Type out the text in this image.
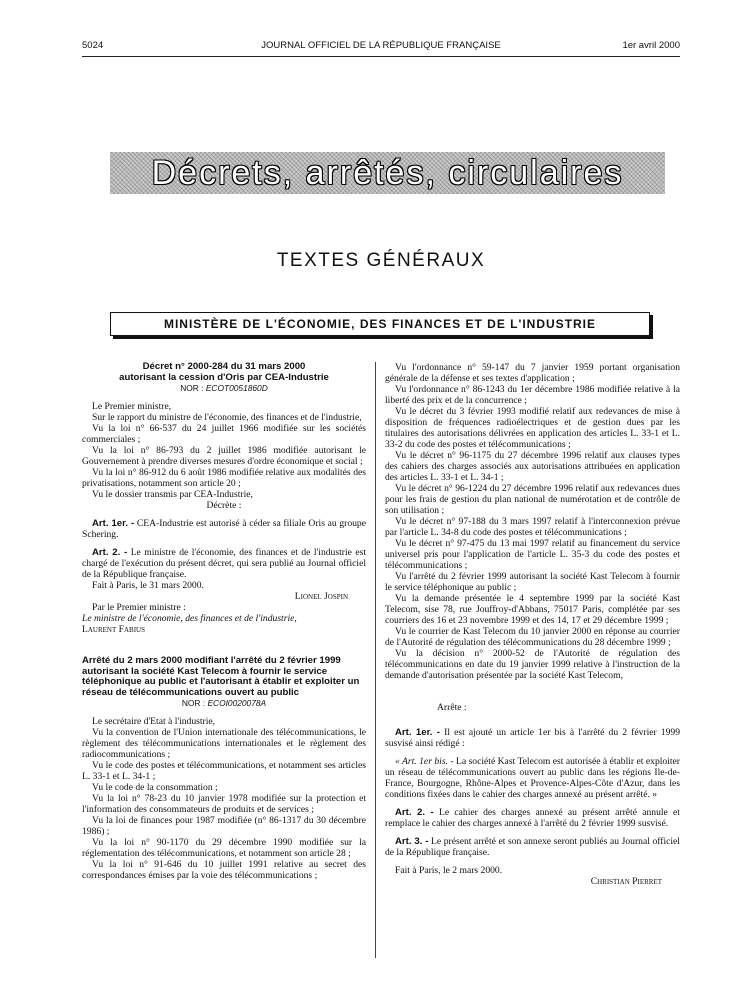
5024	JOURNAL OFFICIEL DE LA RÉPUBLIQUE FRANÇAISE	1er avril 2000
Décrets, arrêtés, circulaires
TEXTES GÉNÉRAUX
MINISTÈRE DE L'ÉCONOMIE, DES FINANCES ET DE L'INDUSTRIE

Décret n° 2000-284 du 31 mars 2000
autorisant la cession d'Oris par CEA-Industrie

NOR : ECOT0051860D

Le Premier ministre,

Sur le rapport du ministre de l'économie, des finances et de l'industrie,

Vu la loi n° 66-537 du 24 juillet 1966 modifiée sur les sociétés commerciales ;

Vu la loi n° 86-793 du 2 juillet 1986 modifiée autorisant le Gouvernement à prendre diverses mesures d'ordre économique et social ;

Vu la loi n° 86-912 du 6 août 1986 modifiée relative aux modalités des privatisations, notamment son article 20 ;

Vu le dossier transmis par CEA-Industrie,

Décrète :

Art. 1er. - CEA-Industrie est autorisé à céder sa filiale Oris au groupe Schering.

Art. 2. - Le ministre de l'économie, des finances et de l'industrie est chargé de l'exécution du présent décret, qui sera publié au Journal officiel de la République française.

Fait à Paris, le 31 mars 2000.

Lionel Jospin

Par le Premier ministre :

Le ministre de l'économie, des finances et de l'industrie,

Laurent Fabius

Arrêté du 2 mars 2000 modifiant l'arrêté du 2 février 1999 autorisant la société Kast Telecom à fournir le service téléphonique au public et l'autorisant à établir et exploiter un réseau de télécommunications ouvert au public

NOR : ECOI0020078A

Le secrétaire d'Etat à l'industrie,

Vu la convention de l'Union internationale des télécommunications, le règlement des télécommunications internationales et le règlement des radiocommunications ;

Vu le code des postes et télécommunications, et notamment ses articles L. 33-1 et L. 34-1 ;

Vu le code de la consommation ;

Vu la loi n° 78-23 du 10 janvier 1978 modifiée sur la protection et l'information des consommateurs de produits et de services ;

Vu la loi de finances pour 1987 modifiée (n° 86-1317 du 30 décembre 1986) ;

Vu la loi n° 90-1170 du 29 décembre 1990 modifiée sur la réglementation des télécommunications, et notamment son article 28 ;

Vu la loi n° 91-646 du 10 juillet 1991 relative au secret des correspondances émises par la voie des télécommunications ;

Vu l'ordonnance n° 59-147 du 7 janvier 1959 portant organisation générale de la défense et ses textes d'application ;

Vu l'ordonnance n° 86-1243 du 1er décembre 1986 modifiée relative à la liberté des prix et de la concurrence ;

Vu le décret du 3 février 1993 modifié relatif aux redevances de mise à disposition de fréquences radioélectriques et de gestion dues par les titulaires des autorisations délivrées en application des articles L. 33-1 et L. 33-2 du code des postes et télécommunications ;

Vu le décret n° 96-1175 du 27 décembre 1996 relatif aux clauses types des cahiers des charges associés aux autorisations attribuées en application des articles L. 33-1 et L. 34-1 ;

Vu le décret n° 96-1224 du 27 décembre 1996 relatif aux redevances dues pour les frais de gestion du plan national de numérotation et de contrôle de son utilisation ;

Vu le décret n° 97-188 du 3 mars 1997 relatif à l'interconnexion prévue par l'article L. 34-8 du code des postes et télécommunications ;

Vu le décret n° 97-475 du 13 mai 1997 relatif au financement du service universel pris pour l'application de l'article L. 35-3 du code des postes et télécommunications ;

Vu l'arrêté du 2 février 1999 autorisant la société Kast Telecom à fournir le service téléphonique au public ;

Vu la demande présentée le 4 septembre 1999 par la société Kast Telecom, sise 78, rue Jouffroy-d'Abbans, 75017 Paris, complétée par ses courriers des 16 et 23 novembre 1999 et des 14, 17 et 29 décembre 1999 ;

Vu le courrier de Kast Telecom du 10 janvier 2000 en réponse au courrier de l'Autorité de régulation des télécommunications du 28 décembre 1999 ;

Vu la décision n° 2000-52 de l'Autorité de régulation des télécommunications en date du 19 janvier 1999 relative à l'instruction de la demande d'autorisation présentée par la société Kast Telecom,

Arrête :

Art. 1er. - Il est ajouté un article 1er bis à l'arrêté du 2 février 1999 susvisé ainsi rédigé :

« Art. 1er bis. - La société Kast Telecom est autorisée à établir et exploiter un réseau de télécommunications ouvert au public dans les régions Ile-de-France, Bourgogne, Rhône-Alpes et Provence-Alpes-Côte d'Azur, dans les conditions fixées dans le cahier des charges annexé au présent arrêté. »

Art. 2. - Le cahier des charges annexé au présent arrêté annule et remplace le cahier des charges annexé à l'arrêté du 2 février 1999 susvisé.

Art. 3. - Le présent arrêté et son annexe seront publiés au Journal officiel de la République française.

Fait à Paris, le 2 mars 2000.

Christian Pierret
